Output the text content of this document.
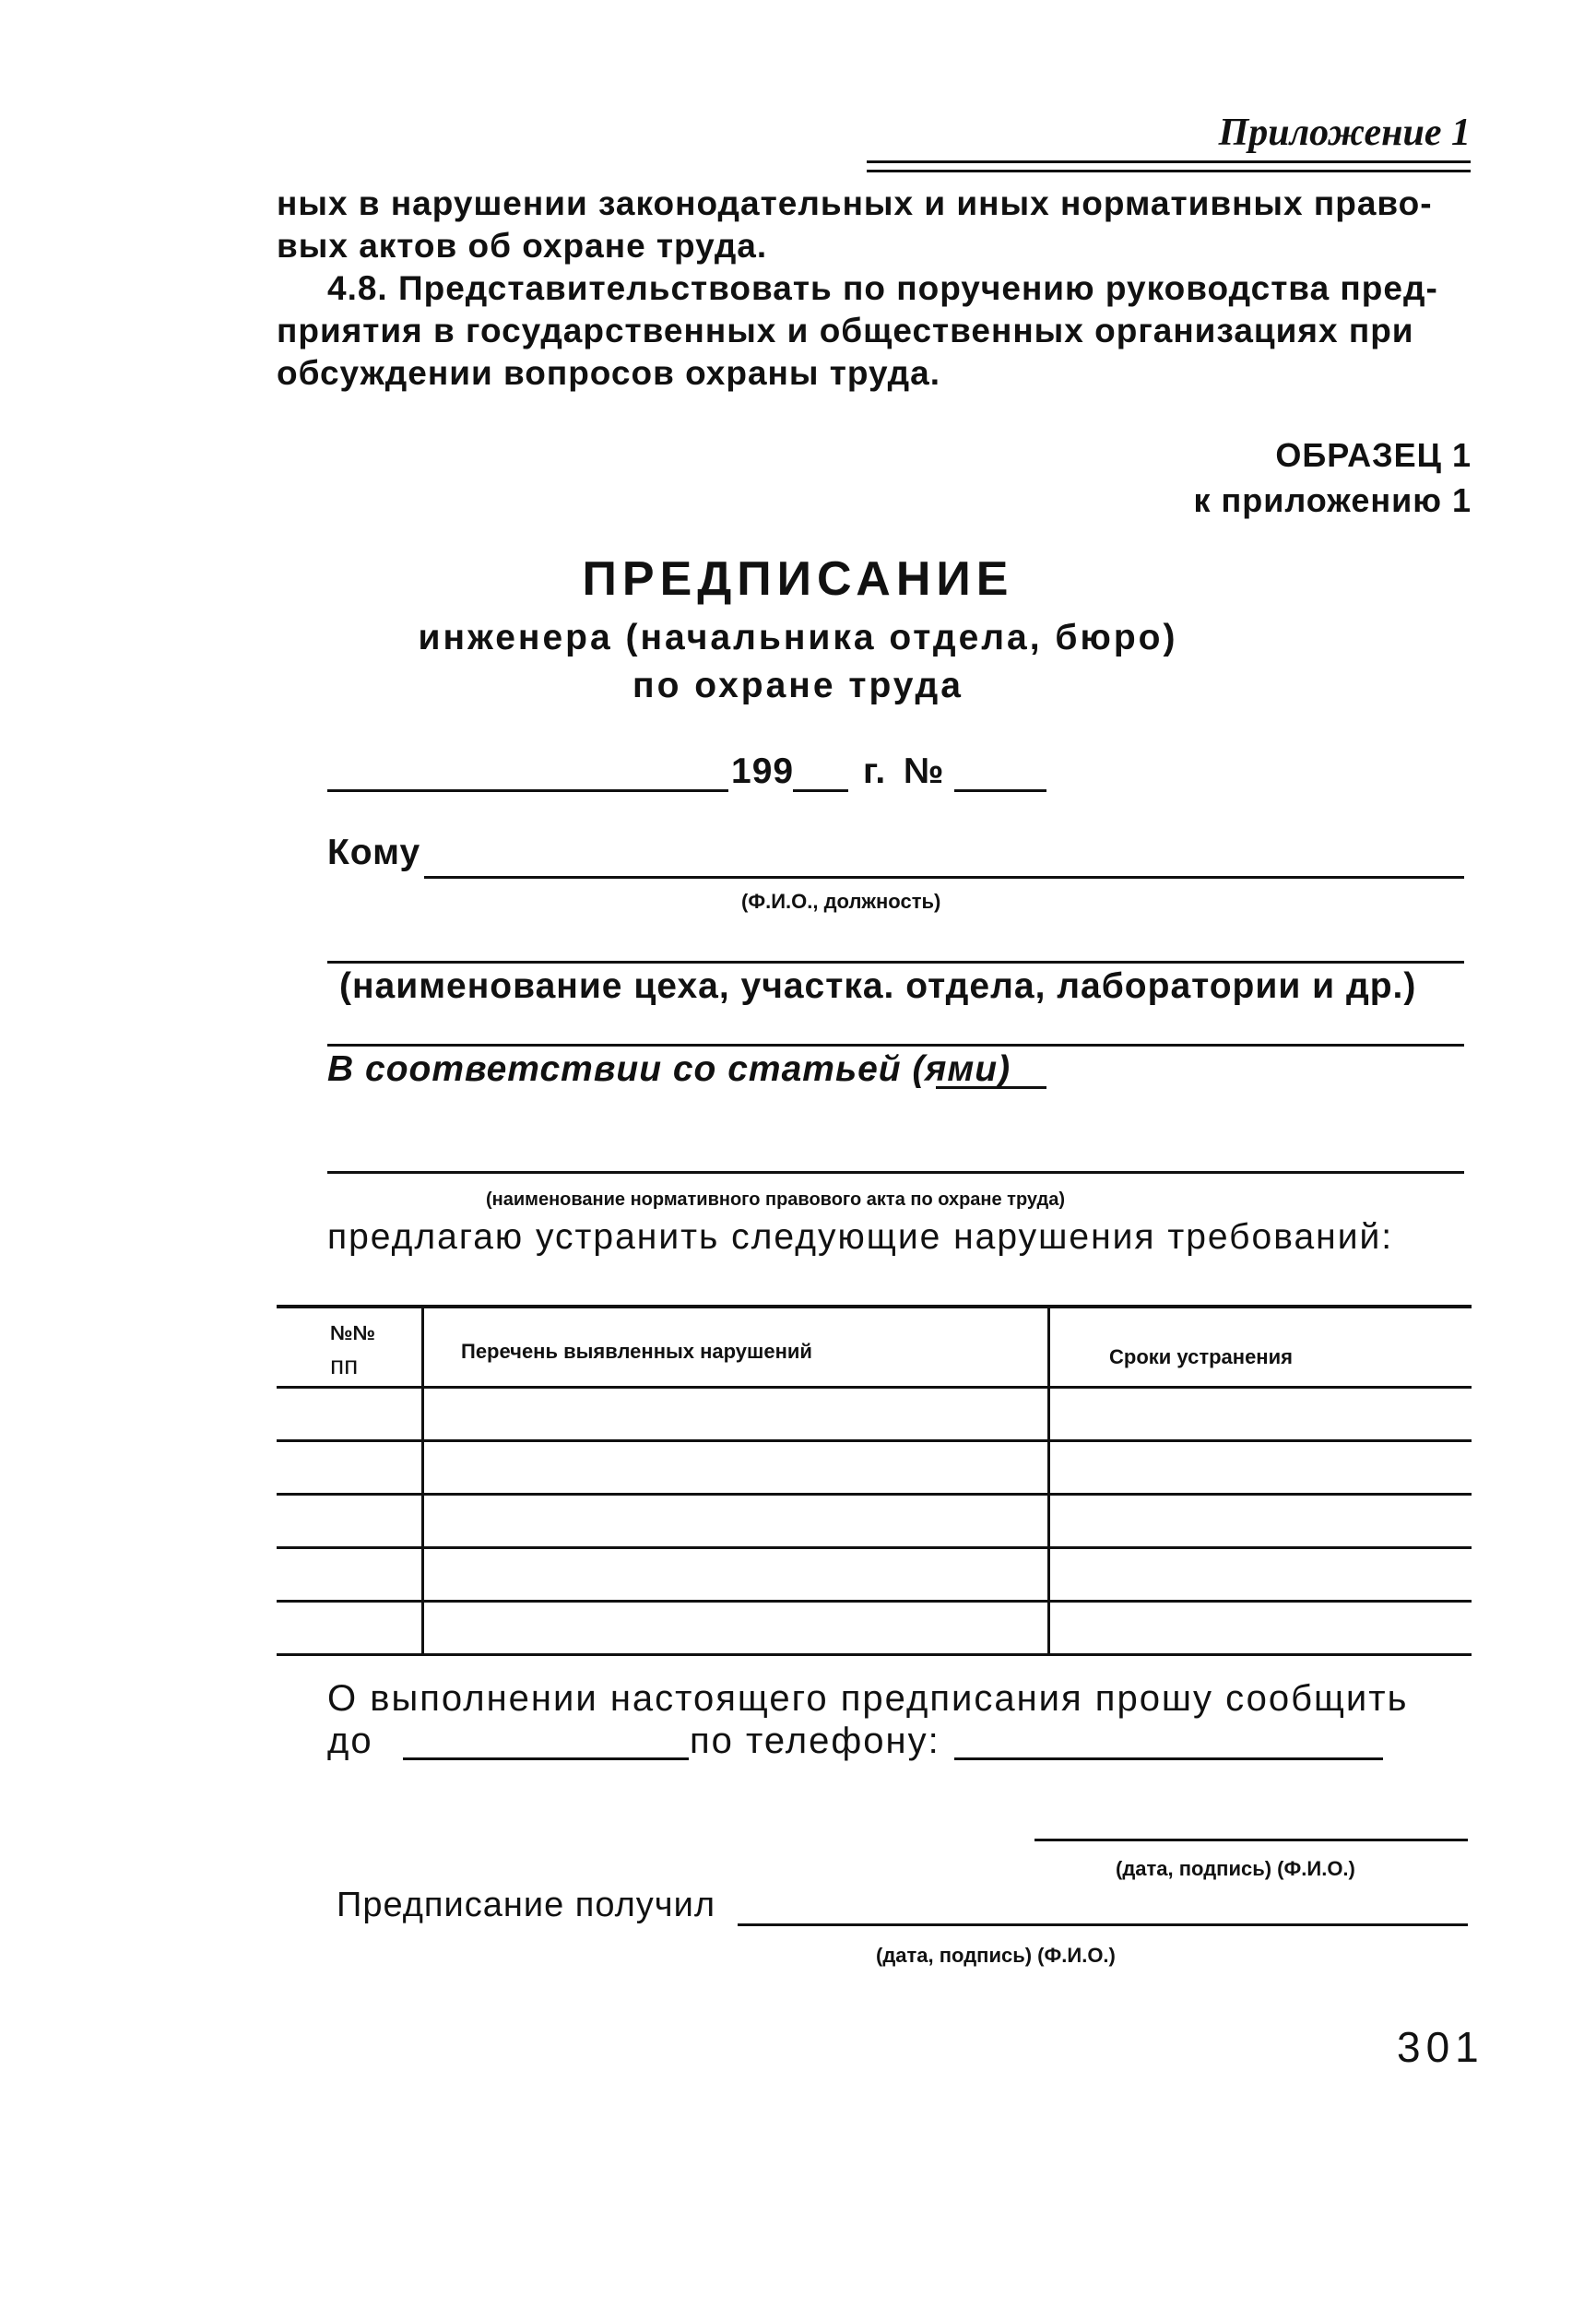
Приложение 1
ных в нарушении законодательных и иных нормативных право-
вых актов об охране труда.
4.8. Представительствовать по поручению руководства пред-
приятия в государственных и общественных организациях при
обсуждении вопросов охраны труда.
ОБРАЗЕЦ 1
к приложению 1
ПРЕДПИСАНИЕ
инженера (начальника отдела, бюро)
по охране труда
199 г. №
Кому
(Ф.И.О., должность)
(наименование цеха, участка. отдела, лаборатории и др.)
В соответствии со статьей (ями)
(наименование нормативного правового акта по охране труда)
предлагаю устранить следующие нарушения требований:
№№
пп	Перечень выявленных нарушений	Сроки устранения
О выполнении настоящего предписания прошу сообщить
до	по телефону:
(дата, подпись) (Ф.И.О.)
Предписание получил
(дата, подпись) (Ф.И.О.)
301
